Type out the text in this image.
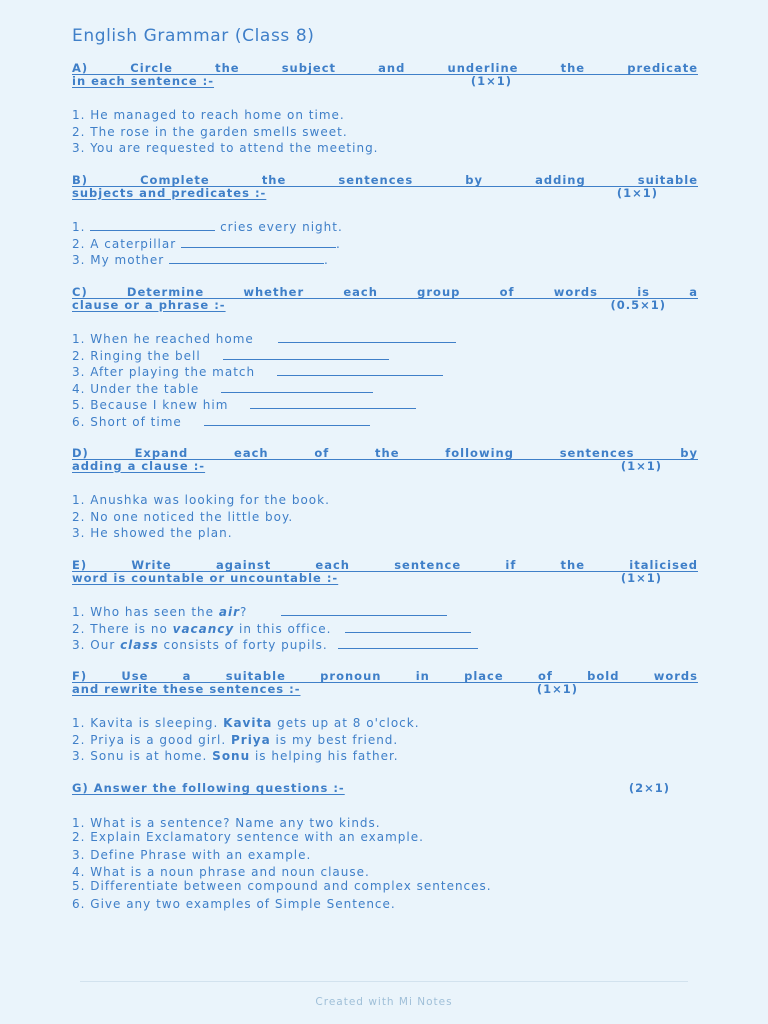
English Grammar (Class 8)
A) Circle the subject and underline the predicate
in each sentence :-	(1×1)
1. He managed to reach home on time.
2. The rose in the garden smells sweet.
3. You are requested to attend the meeting.
B) Complete the sentences by adding suitable
subjects and predicates :-	(1×1)
1.	cries every night.
2. A caterpillar	.
3. My mother	.
C) Determine whether each group of words is a
clause or a phrase :-	(0.5×1)
1. When he reached home
2. Ringing the bell
3. After playing the match
4. Under the table
5. Because I knew him
6. Short of time
D) Expand each of the following sentences by
adding a clause :-	(1×1)
1. Anushka was looking for the book.
2. No one noticed the little boy.
3. He showed the plan.
E) Write against each sentence if the italicised
word is countable or uncountable :-	(1×1)
1. Who has seen the air?
2. There is no vacancy in this office.
3. Our class consists of forty pupils.
F) Use a suitable pronoun in place of bold words
and rewrite these sentences :-	(1×1)
1. Kavita is sleeping. Kavita gets up at 8 o'clock.
2. Priya is a good girl. Priya is my best friend.
3. Sonu is at home. Sonu is helping his father.
G) Answer the following questions :-	(2×1)
1. What is a sentence? Name any two kinds.
2. Explain Exclamatory sentence with an example.
3. Define Phrase with an example.
4. What is a noun phrase and noun clause.
5. Differentiate between compound and complex sentences.
6. Give any two examples of Simple Sentence.
Created with Mi Notes
